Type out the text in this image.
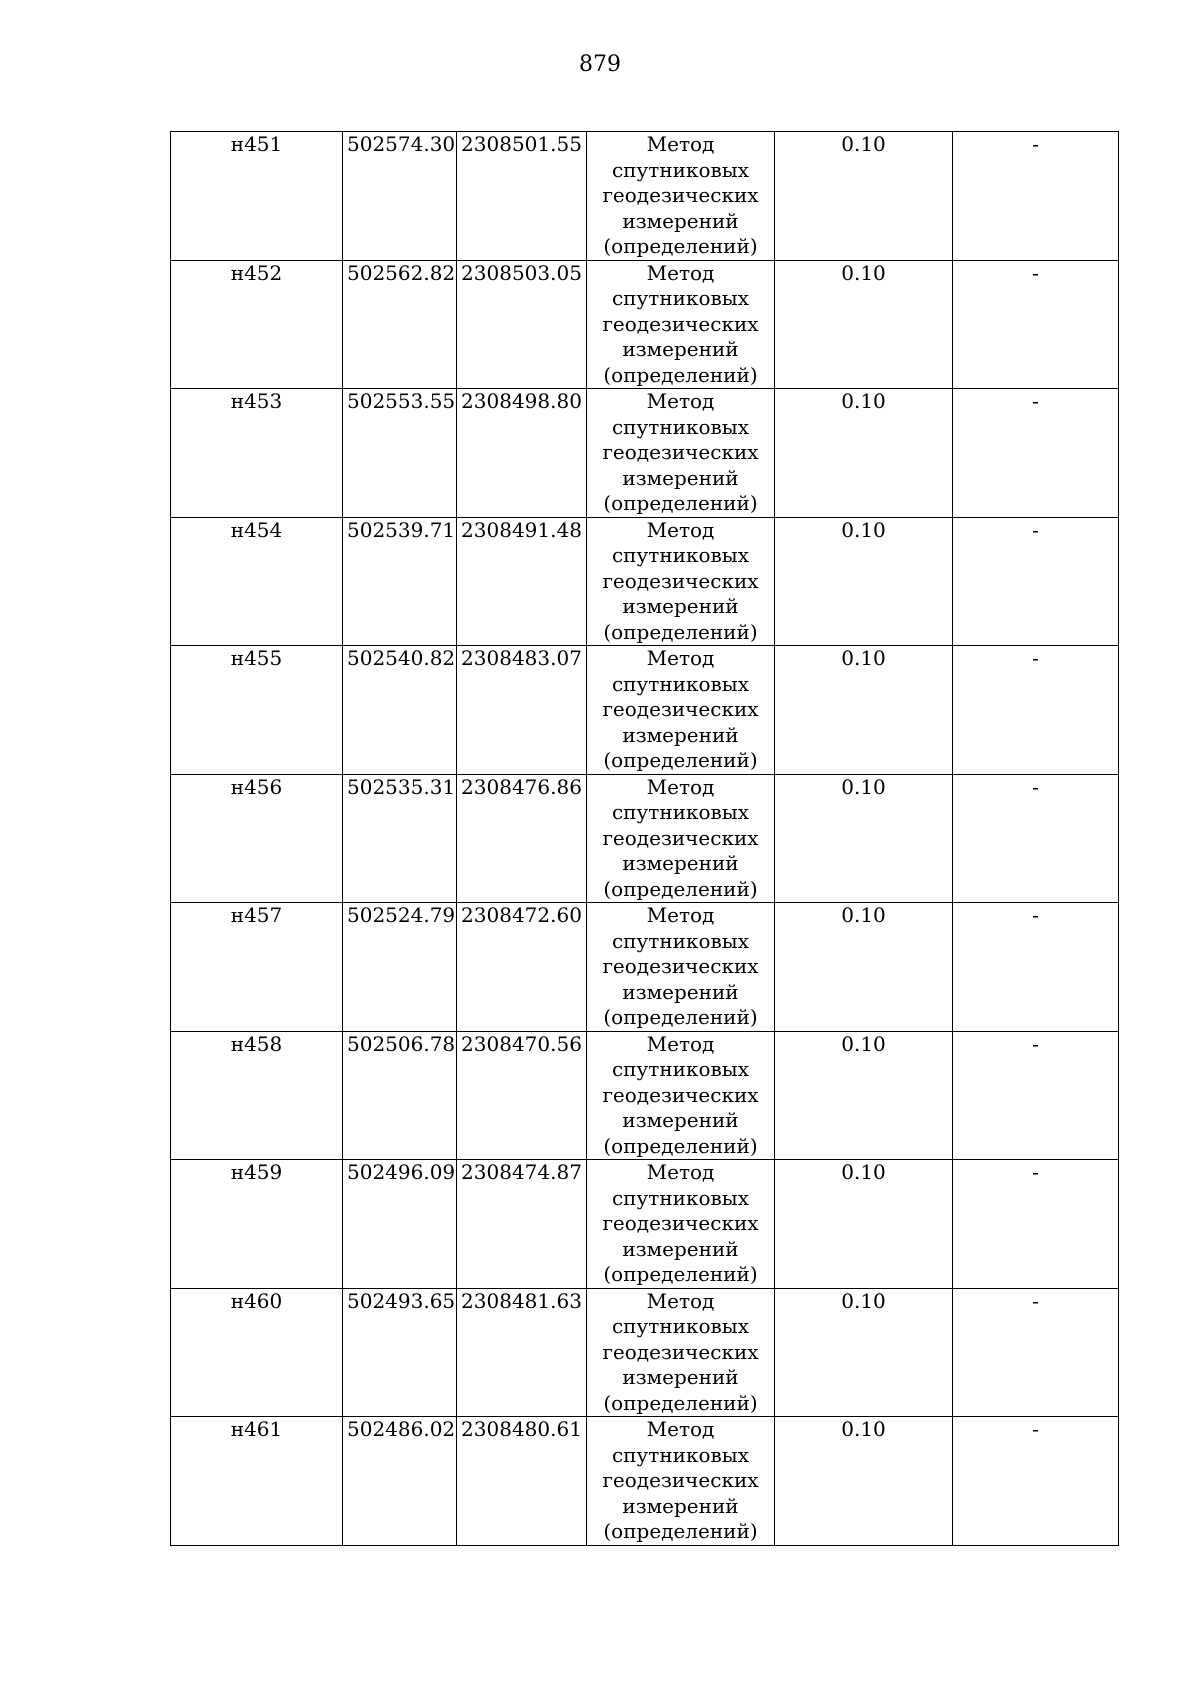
879
н451	502574.30	2308501.55	Метод
спутниковых
геодезических
измерений
(определений)	0.10	-
н452	502562.82	2308503.05	Метод
спутниковых
геодезических
измерений
(определений)	0.10	-
н453	502553.55	2308498.80	Метод
спутниковых
геодезических
измерений
(определений)	0.10	-
н454	502539.71	2308491.48	Метод
спутниковых
геодезических
измерений
(определений)	0.10	-
н455	502540.82	2308483.07	Метод
спутниковых
геодезических
измерений
(определений)	0.10	-
н456	502535.31	2308476.86	Метод
спутниковых
геодезических
измерений
(определений)	0.10	-
н457	502524.79	2308472.60	Метод
спутниковых
геодезических
измерений
(определений)	0.10	-
н458	502506.78	2308470.56	Метод
спутниковых
геодезических
измерений
(определений)	0.10	-
н459	502496.09	2308474.87	Метод
спутниковых
геодезических
измерений
(определений)	0.10	-
н460	502493.65	2308481.63	Метод
спутниковых
геодезических
измерений
(определений)	0.10	-
н461	502486.02	2308480.61	Метод
спутниковых
геодезических
измерений
(определений)	0.10	-
